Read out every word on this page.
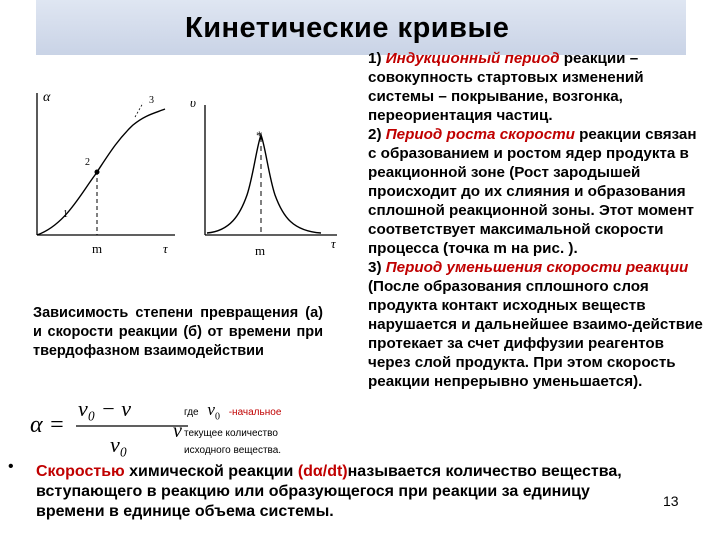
Кинетические кривые
α
1
2
3
m	τ
*
υ
m	τ

1) Индукционный период реакции – совокупность стартовых изменений системы – покрывание, возгонка, переориентация частиц.

2) Период роста скорости реакции связан с образованием и ростом ядер продукта в реакционной зоне (Рост зародышей происходит до их слияния и образования сплошной реакционной зоны. Этот момент соответствует максимальной скорости процесса (точка m на рис. ).

3) Период уменьшения скорости реакции (После образования сплошного слоя продукта контакт исходных веществ нарушается и дальнейшее взаимо-действие протекает за счет диффузии реагентов через слой продукта. При этом скорость реакции непрерывно уменьшается).

Зависимость степени превращения (а) и скорости реакции (б) от времени при твердофазном взаимодействии
α =
ν₀ − ν
ν₀
где $\nu_0$ -начальное
текущее количество
исходного вещества.
ν
• Скоростью химической реакции (dα/dt)называется количество вещества, вступающего в реакцию или образующегося при реакции за единицу времени в единице объема системы.
13
